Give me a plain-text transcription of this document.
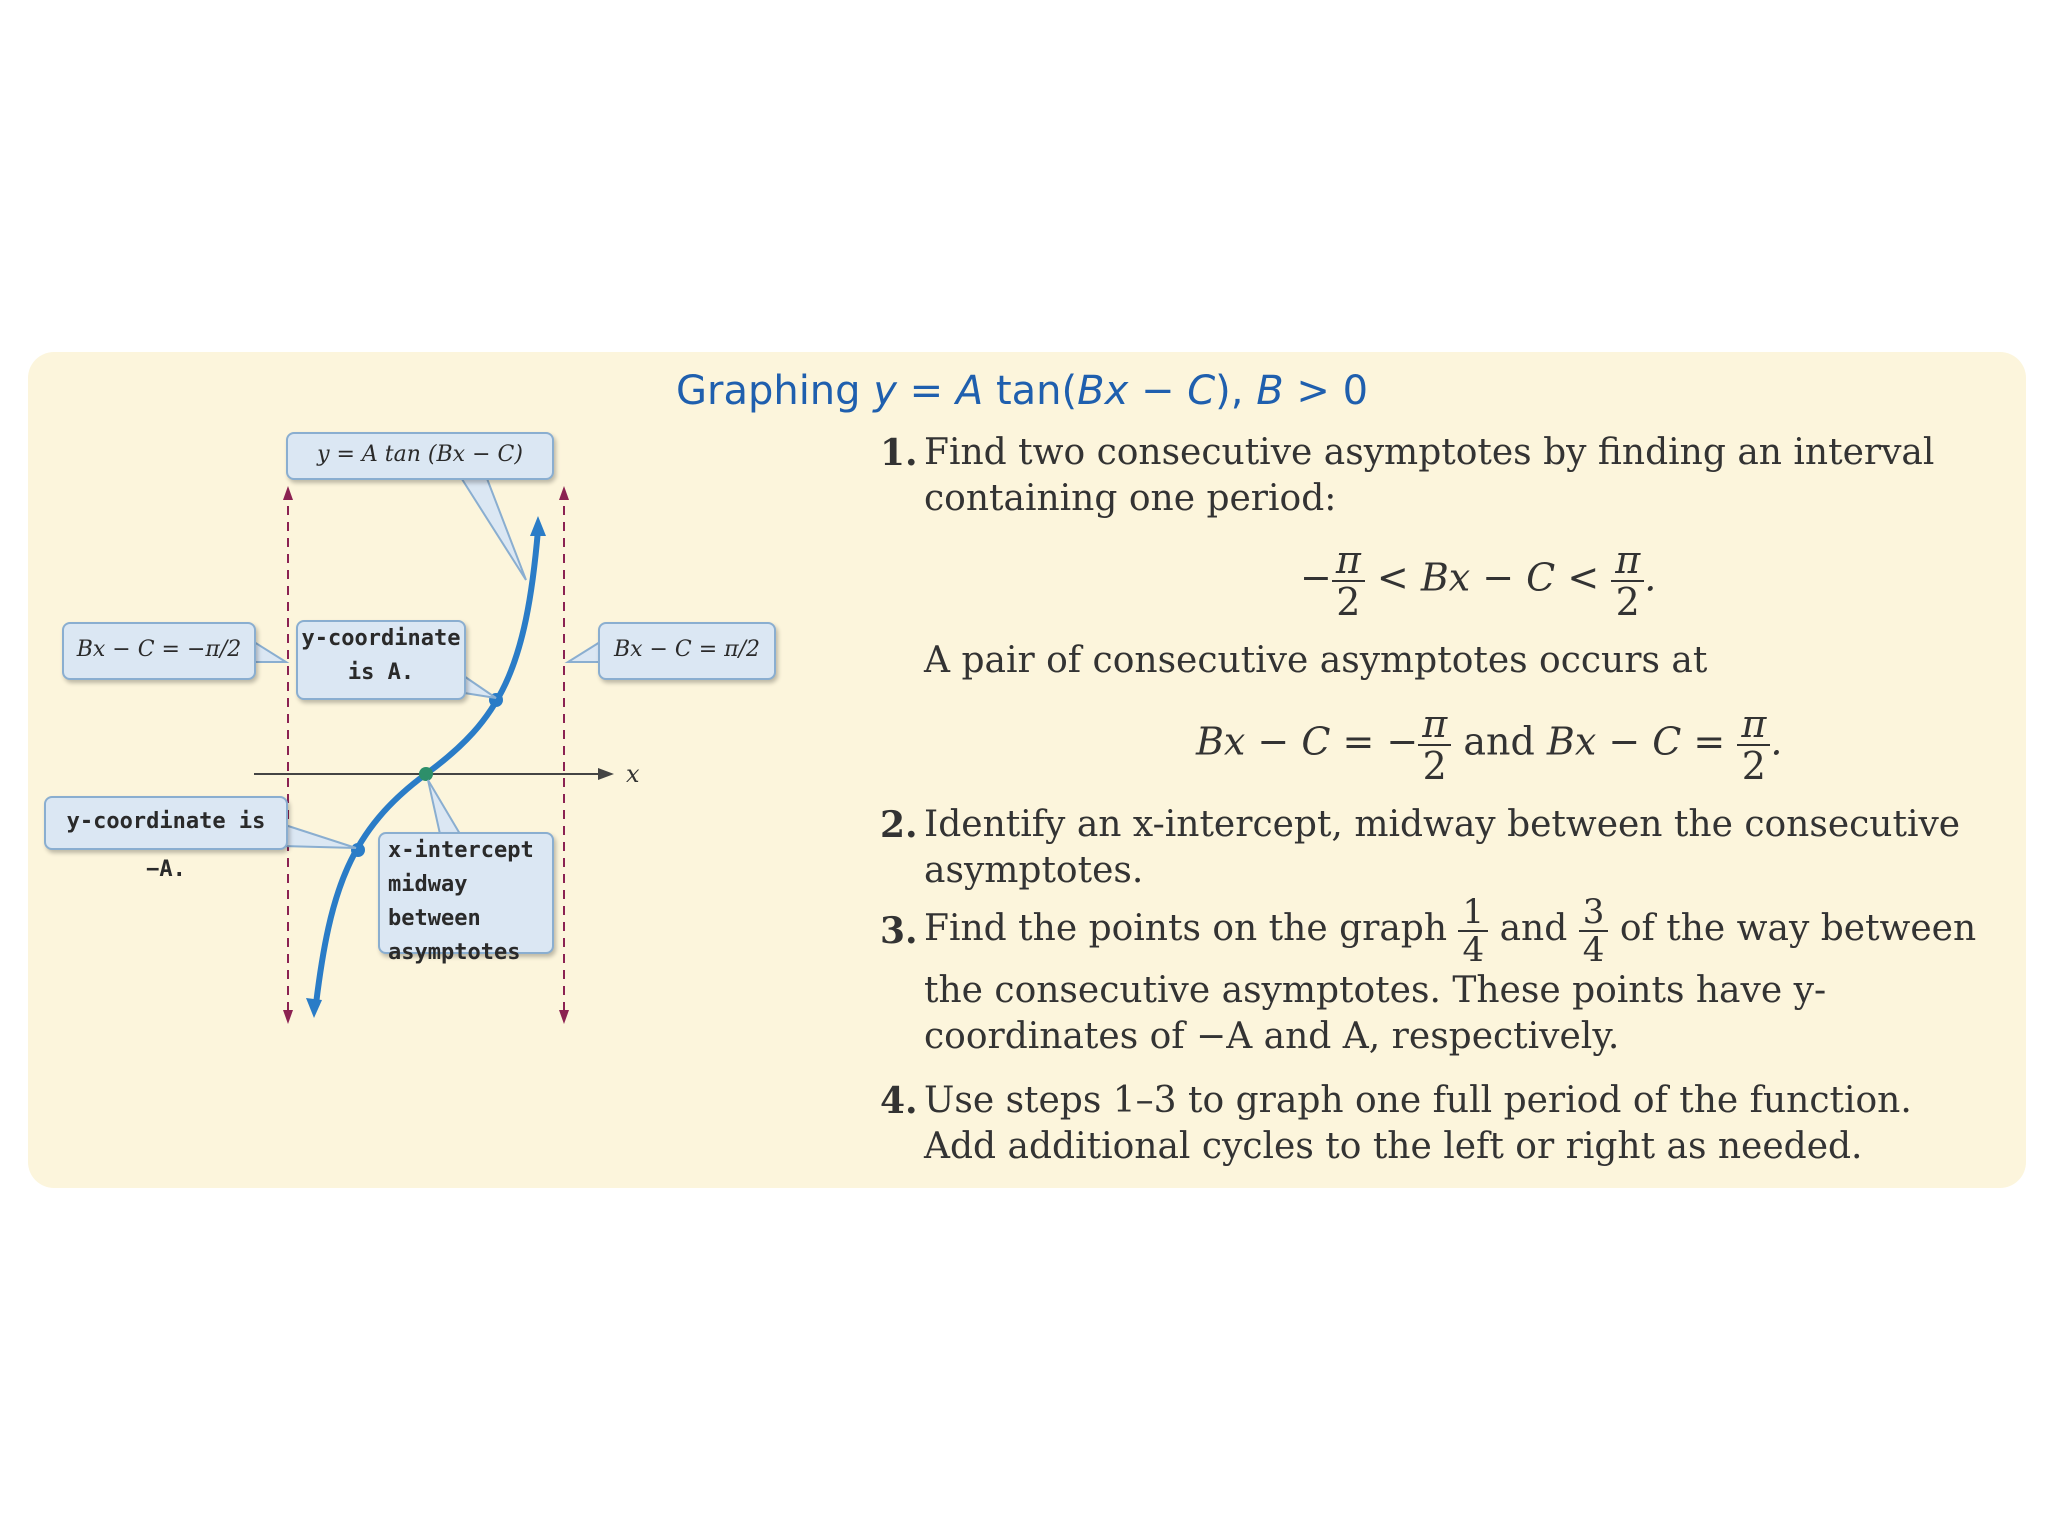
Graphing y = A tan(Bx − C), B > 0
x
y = A tan (Bx − C)
Bx − C = −π/2	Bx − C = π/2
y-coordinate
is A.
y-coordinate is −A.
x-intercept
midway between
asymptotes
1. Find two consecutive asymptotes by finding an interval containing one period:
A pair of consecutive asymptotes occurs at
2. Identify an x-intercept, midway between the consecutive asymptotes.
3. Find the points on the graph $\frac{1}{4}$ and $\frac{3}{4}$ of the way between the consecutive asymptotes. These points have y-coordinates of −A and A, respectively.
4. Use steps 1–3 to graph one full period of the function. Add additional cycles to the left or right as needed.
− $\frac{\pi}{2} < Bx - C < \frac{\pi}{2}$ .
Bx − C = − $\frac{\pi}{2}$ and $Bx - C = \frac{\pi}{2}$ .
